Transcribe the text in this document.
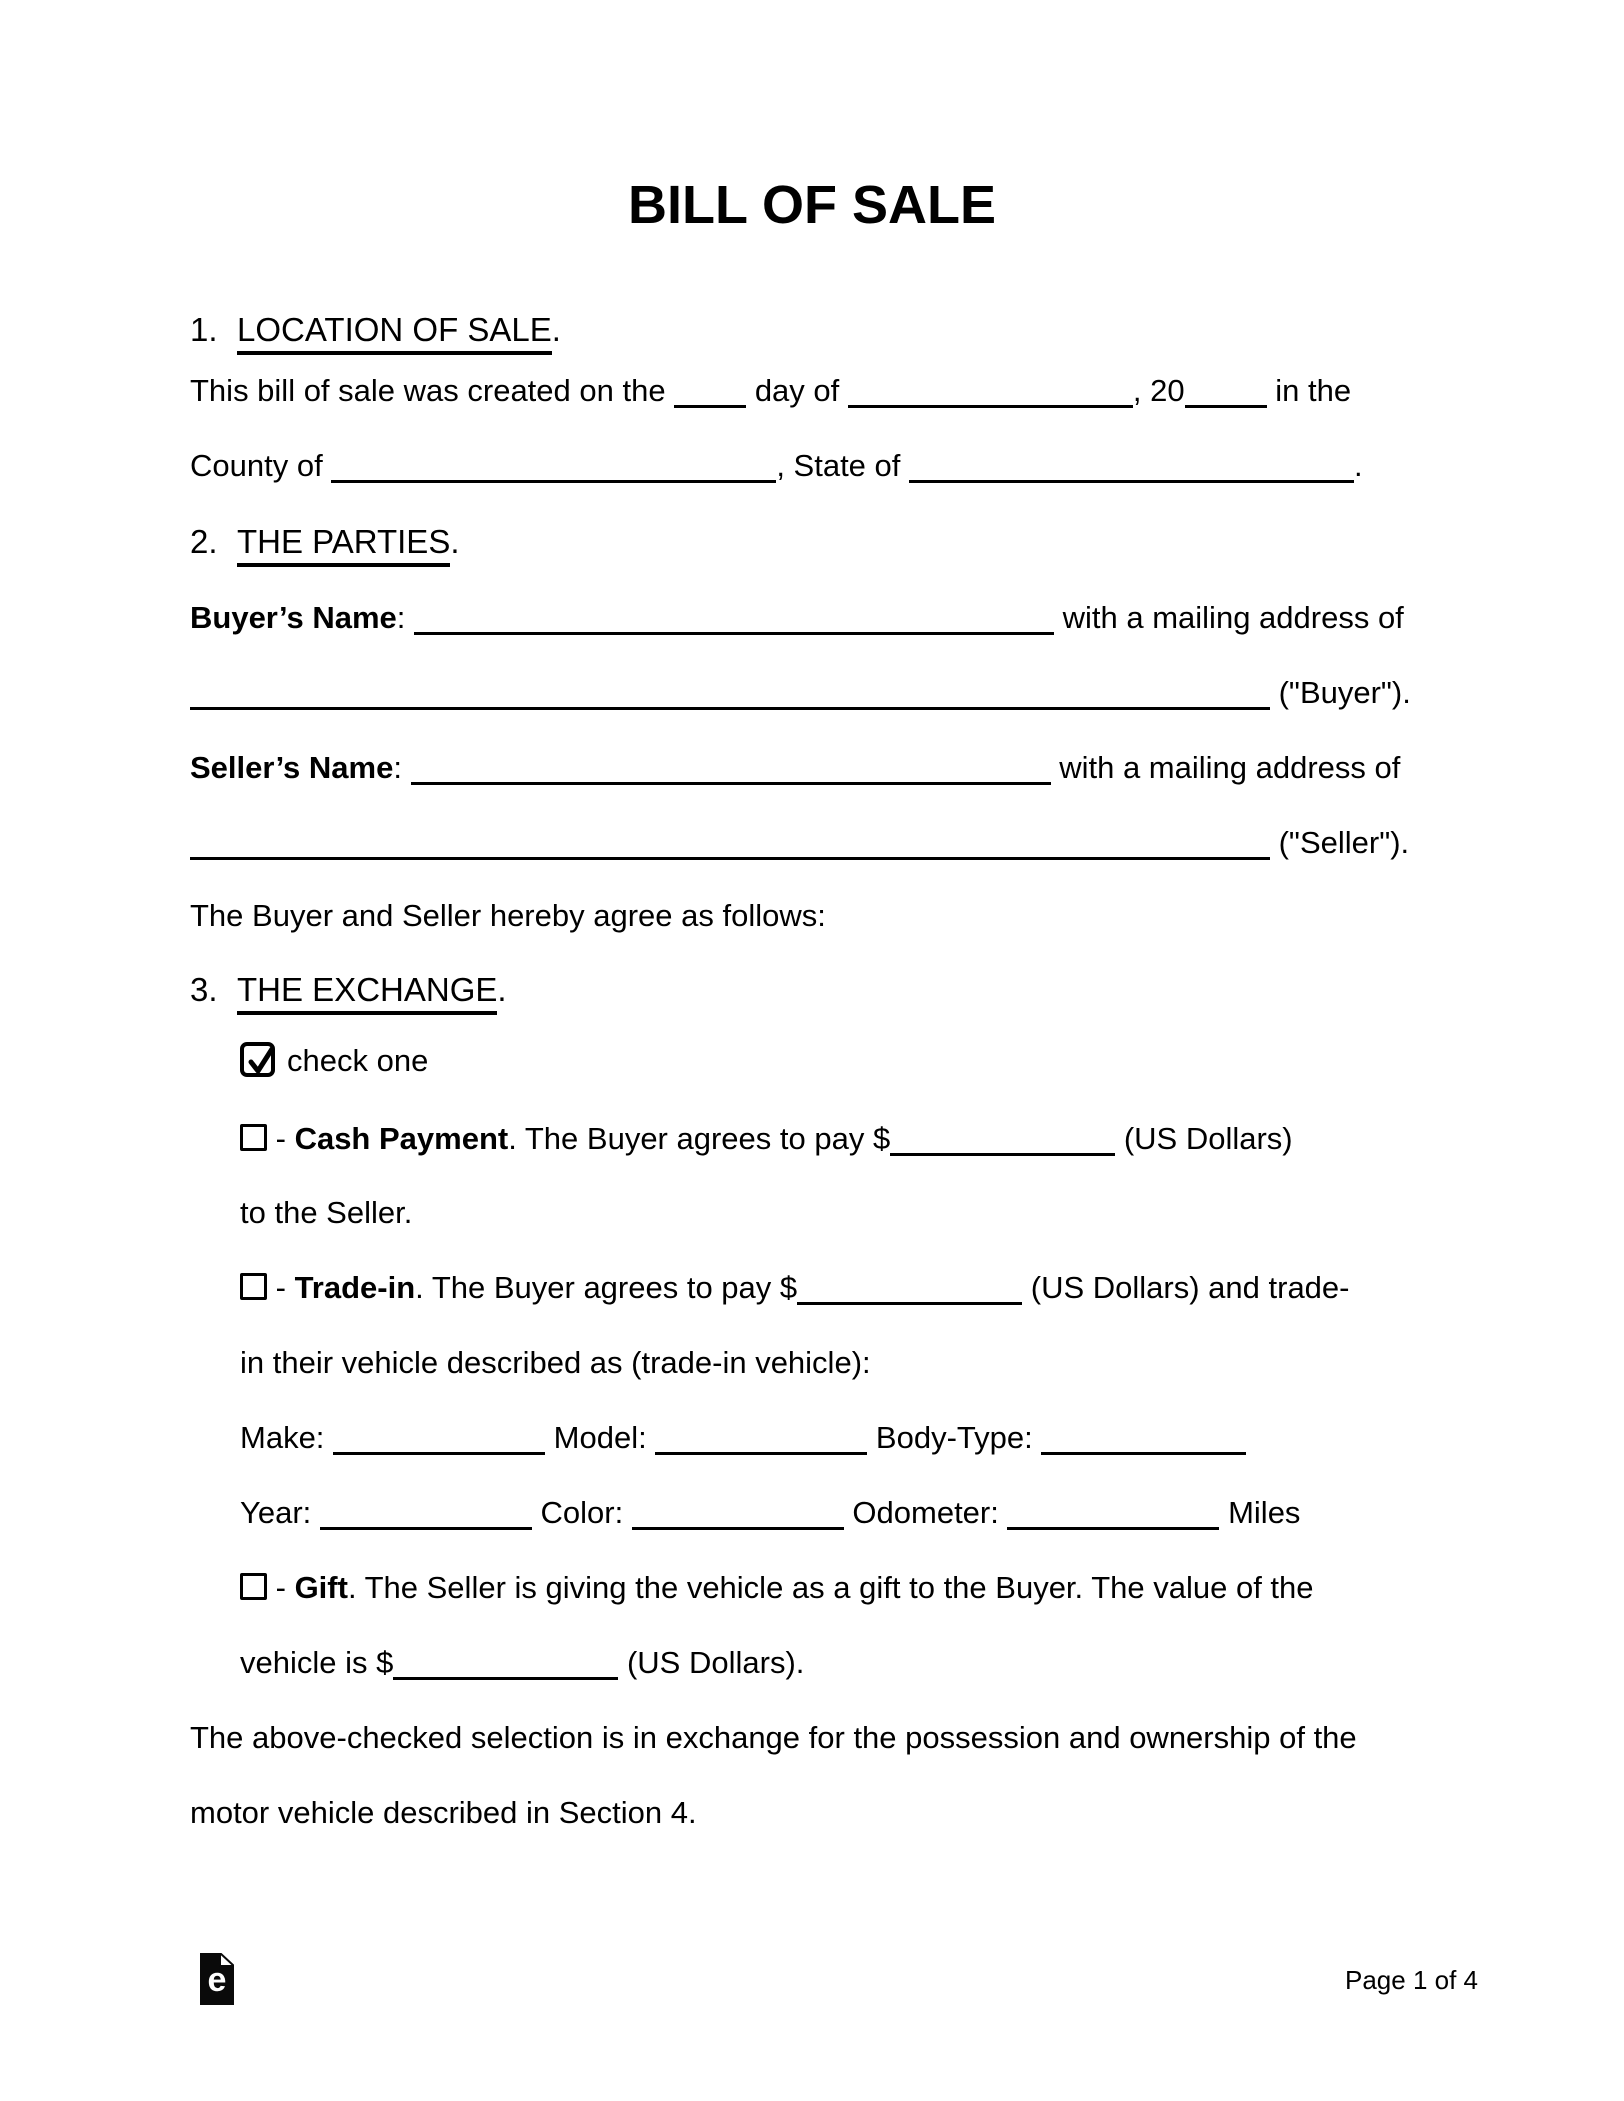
BILL OF SALE
1. LOCATION OF SALE.
This bill of sale was created on the  day of	, 20	in the
County of	, State of	.
2. THE PARTIES.
Buyer’s Name:	with a mailing address of
("Buyer").
Seller’s Name:	with a mailing address of
("Seller").
The Buyer and Seller hereby agree as follows:
3. THE EXCHANGE.
check one
- Cash Payment. The Buyer agrees to pay $	(US Dollars)
to the Seller.
- Trade-in. The Buyer agrees to pay $	(US Dollars) and trade-
in their vehicle described as (trade-in vehicle):
Make:	Model:	Body-Type:
Year:	Color:	Odometer:	Miles
- Gift. The Seller is giving the vehicle as a gift to the Buyer. The value of the
vehicle is $	(US Dollars).
The above-checked selection is in exchange for the possession and ownership of the
motor vehicle described in Section 4.
e	Page 1 of 4
